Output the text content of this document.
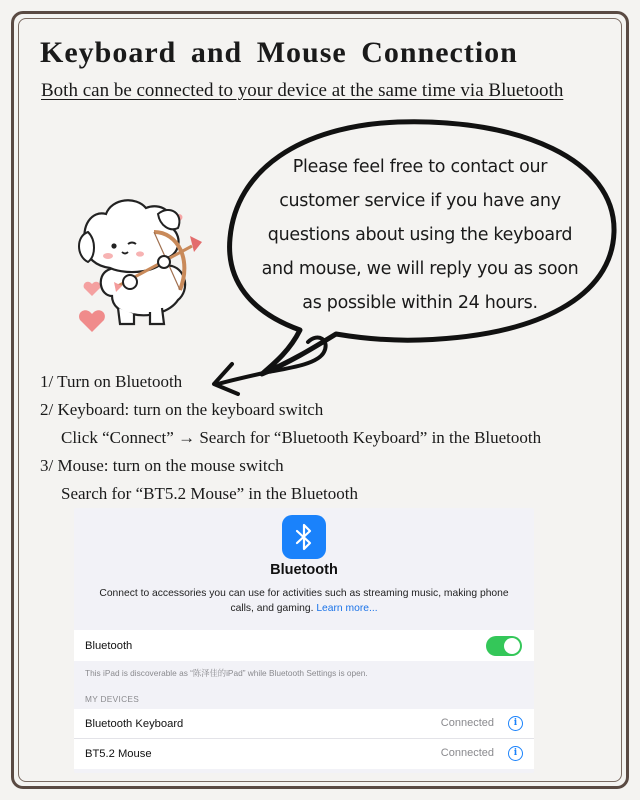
Keyboard and Mouse Connection
Both can be connected to your device at the same time via Bluetooth
Please feel free to contact our
customer service if you have any
questions about using the keyboard
and mouse, we will reply you as soon
as possible within 24 hours.
1/ Turn on Bluetooth
2/ Keyboard: turn on the keyboard switch
Click “Connect” → Search for “Bluetooth Keyboard” in the Bluetooth
3/ Mouse: turn on the mouse switch
Search for “BT5.2 Mouse” in the Bluetooth
Bluetooth
Connect to accessories you can use for activities such as streaming music, making phone calls, and gaming. Learn more...
Bluetooth
This iPad is discoverable as “陈泽佳的iPad” while Bluetooth Settings is open.
MY DEVICES
Bluetooth Keyboard	Connected	i
BT5.2 Mouse	Connected	i
